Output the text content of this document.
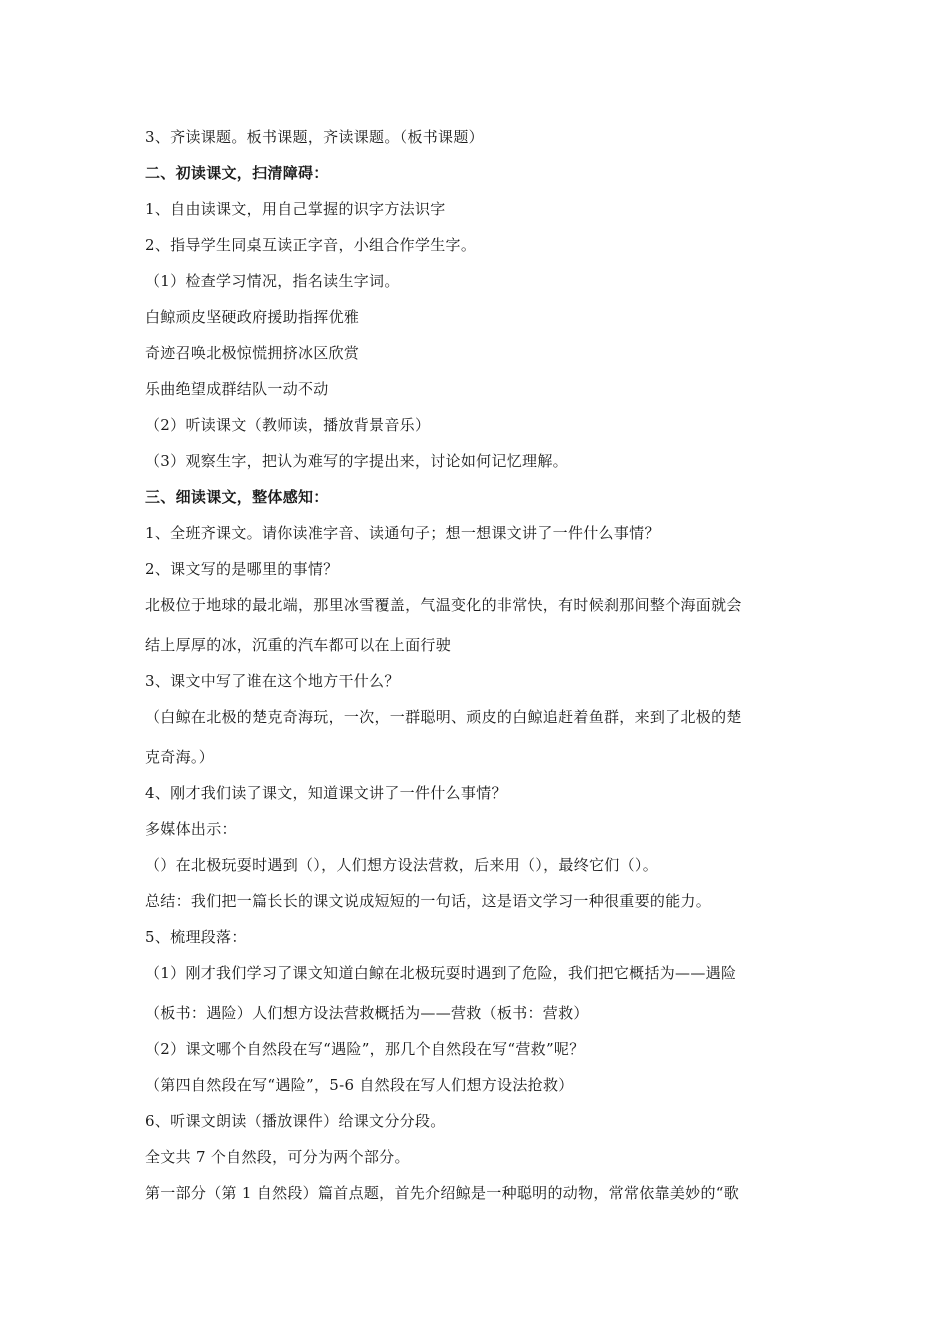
3、齐读课题。板书课题，齐读课题。（板书课题）

二、初读课文，扫清障碍：

1、自由读课文，用自己掌握的识字方法识字

2、指导学生同桌互读正字音，小组合作学生字。

（1）检查学习情况，指名读生字词。

白鲸顽皮坚硬政府援助指挥优雅

奇迹召唤北极惊慌拥挤冰区欣赏

乐曲绝望成群结队一动不动

（2）听读课文（教师读，播放背景音乐）

（3）观察生字，把认为难写的字提出来，讨论如何记忆理解。

三、细读课文，整体感知：

1、全班齐课文。请你读准字音、读通句子；想一想课文讲了一件什么事情？

2、课文写的是哪里的事情？

北极位于地球的最北端，那里冰雪覆盖，气温变化的非常快，有时候刹那间整个海面就会

结上厚厚的冰，沉重的汽车都可以在上面行驶

3、课文中写了谁在这个地方干什么？

（白鲸在北极的楚克奇海玩，一次，一群聪明、顽皮的白鲸追赶着鱼群，来到了北极的楚

克奇海。）

4、刚才我们读了课文，知道课文讲了一件什么事情？

多媒体出示：

（）在北极玩耍时遇到（），人们想方设法营救，后来用（），最终它们（）。

总结：我们把一篇长长的课文说成短短的一句话，这是语文学习一种很重要的能力。

5、梳理段落：

（1）刚才我们学习了课文知道白鲸在北极玩耍时遇到了危险，我们把它概括为——遇险

（板书：遇险）人们想方设法营救概括为——营救（板书：营救）

（2）课文哪个自然段在写“遇险”，那几个自然段在写“营救”呢？

（第四自然段在写“遇险”，5-6 自然段在写人们想方设法抢救）

6、听课文朗读（播放课件）给课文分分段。

全文共 7 个自然段，可分为两个部分。

第一部分（第 1 自然段）篇首点题，首先介绍鲸是一种聪明的动物，常常依靠美妙的“歌
